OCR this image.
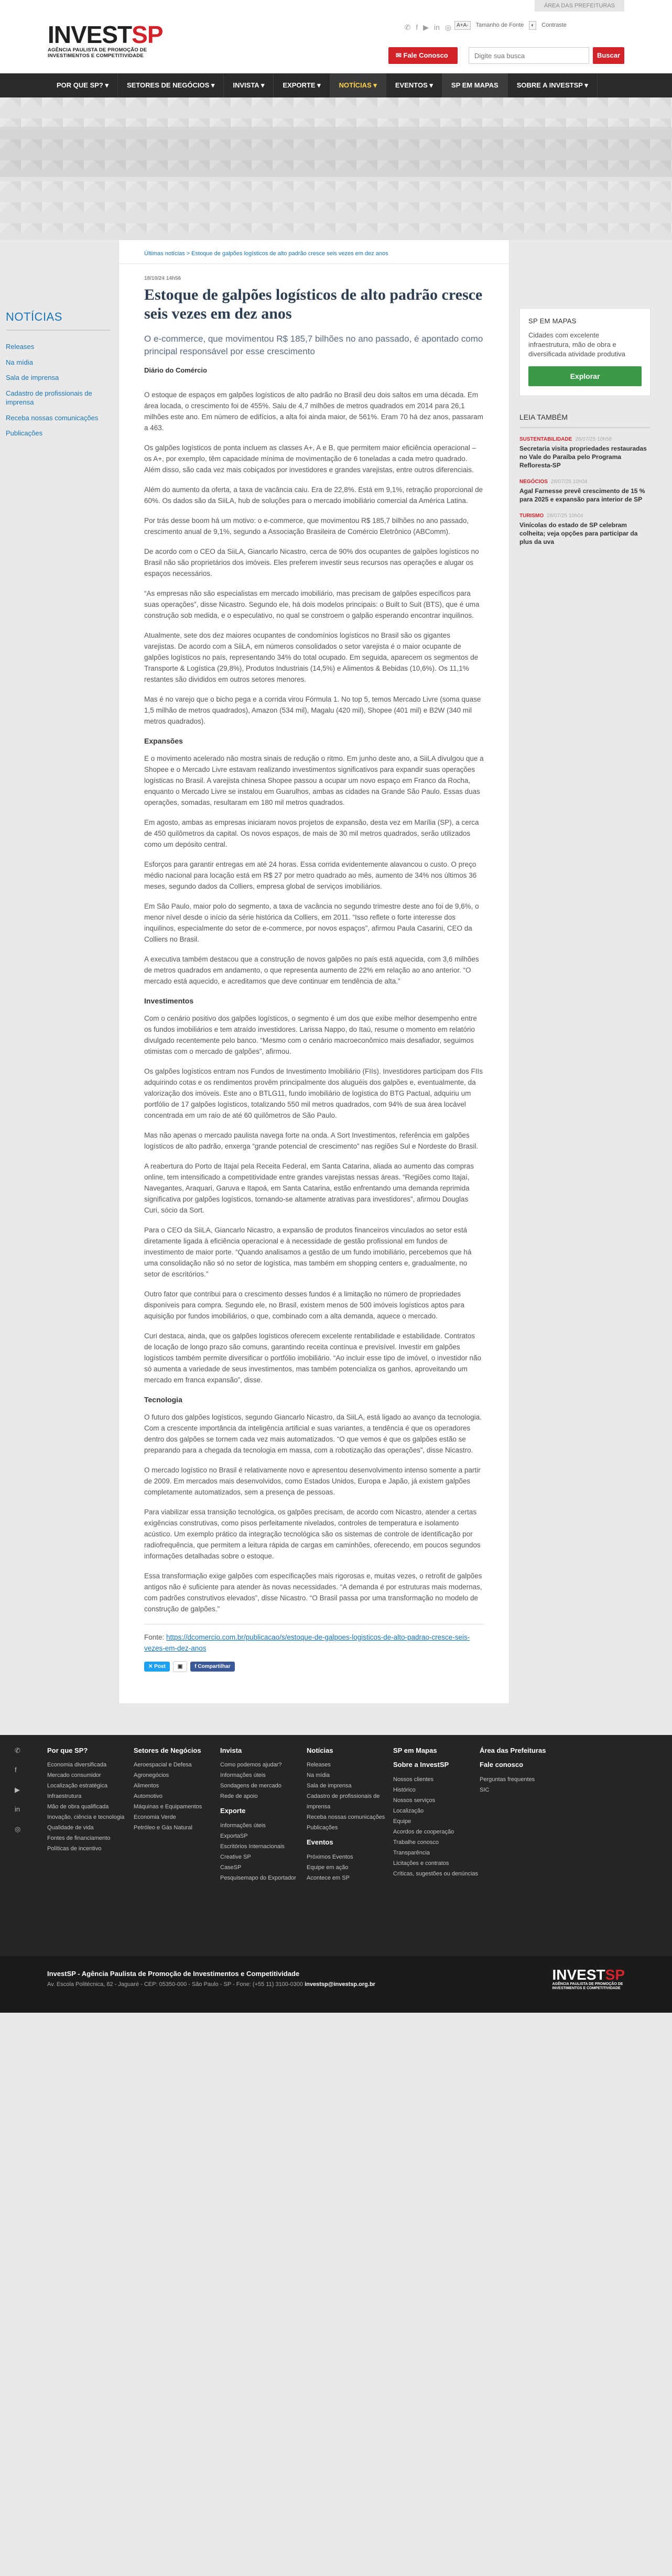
ÁREA DAS PREFEITURAS
INVESTSP
AGÊNCIA PAULISTA DE PROMOÇÃO DE
INVESTIMENTOS E COMPETITIVIDADE
✆ f ▶ in ◎	A+A-	Tamanho de Fonte	◐	Contraste
✉ Fale Conosco
Digite sua busca	Buscar
POR QUE SP? ▾	SETORES DE NEGÓCIOS ▾	INVISTA ▾	EXPORTE ▾	NOTÍCIAS ▾	EVENTOS ▾	SP EM MAPAS	SOBRE A INVESTSP ▾
NOTÍCIAS
Releases
Na mídia
Sala de imprensa
Cadastro de profissionais de imprensa
Receba nossas comunicações
Publicações
Últimas notícias > Estoque de galpões logísticos de alto padrão cresce seis vezes em dez anos
18/10/24 14h56
Estoque de galpões logísticos de alto padrão cresce seis vezes em dez anos
O e-commerce, que movimentou R$ 185,7 bilhões no ano passado, é apontado como principal responsável por esse crescimento
Diário do Comércio

O estoque de espaços em galpões logísticos de alto padrão no Brasil deu dois saltos em uma década. Em área locada, o crescimento foi de 455%. Saiu de 4,7 milhões de metros quadrados em 2014 para 26,1 milhões este ano. Em número de edifícios, a alta foi ainda maior, de 561%. Eram 70 há dez anos, passaram a 463.

Os galpões logísticos de ponta incluem as classes A+, A e B, que permitem maior eficiência operacional – os A+, por exemplo, têm capacidade mínima de movimentação de 6 toneladas a cada metro quadrado. Além disso, são cada vez mais cobiçados por investidores e grandes varejistas, entre outros diferenciais.

Além do aumento da oferta, a taxa de vacância caiu. Era de 22,8%. Está em 9,1%, retração proporcional de 60%. Os dados são da SiiLA, hub de soluções para o mercado imobiliário comercial da América Latina.

Por trás desse boom há um motivo: o e-commerce, que movimentou R$ 185,7 bilhões no ano passado, crescimento anual de 9,1%, segundo a Associação Brasileira de Comércio Eletrônico (ABComm).

De acordo com o CEO da SiiLA, Giancarlo Nicastro, cerca de 90% dos ocupantes de galpões logísticos no Brasil não são proprietários dos imóveis. Eles preferem investir seus recursos nas operações e alugar os espaços necessários.

“As empresas não são especialistas em mercado imobiliário, mas precisam de galpões específicos para suas operações”, disse Nicastro. Segundo ele, há dois modelos principais: o Built to Suit (BTS), que é uma construção sob medida, e o especulativo, no qual se constroem o galpão esperando encontrar inquilinos.

Atualmente, sete dos dez maiores ocupantes de condomínios logísticos no Brasil são os gigantes varejistas. De acordo com a SiiLA, em números consolidados o setor varejista é o maior ocupante de galpões logísticos no país, representando 34% do total ocupado. Em seguida, aparecem os segmentos de Transporte & Logística (29,8%), Produtos Industriais (14,5%) e Alimentos & Bebidas (10,6%). Os 11,1% restantes são divididos em outros setores menores.

Mas é no varejo que o bicho pega e a corrida virou Fórmula 1. No top 5, temos Mercado Livre (soma quase 1,5 milhão de metros quadrados), Amazon (534 mil), Magalu (420 mil), Shopee (401 mil) e B2W (340 mil metros quadrados).

Expansões

E o movimento acelerado não mostra sinais de redução o ritmo. Em junho deste ano, a SiiLA divulgou que a Shopee e o Mercado Livre estavam realizando investimentos significativos para expandir suas operações logísticas no Brasil. A varejista chinesa Shopee passou a ocupar um novo espaço em Franco da Rocha, enquanto o Mercado Livre se instalou em Guarulhos, ambas as cidades na Grande São Paulo. Essas duas operações, somadas, resultaram em 180 mil metros quadrados.

Em agosto, ambas as empresas iniciaram novos projetos de expansão, desta vez em Marília (SP), a cerca de 450 quilômetros da capital. Os novos espaços, de mais de 30 mil metros quadrados, serão utilizados como um depósito central.

Esforços para garantir entregas em até 24 horas. Essa corrida evidentemente alavancou o custo. O preço médio nacional para locação está em R$ 27 por metro quadrado ao mês, aumento de 34% nos últimos 36 meses, segundo dados da Colliers, empresa global de serviços imobiliários.

Em São Paulo, maior polo do segmento, a taxa de vacância no segundo trimestre deste ano foi de 9,6%, o menor nível desde o início da série histórica da Colliers, em 2011. “Isso reflete o forte interesse dos inquilinos, especialmente do setor de e-commerce, por novos espaços”, afirmou Paula Casarini, CEO da Colliers no Brasil.

A executiva também destacou que a construção de novos galpões no país está aquecida, com 3,6 milhões de metros quadrados em andamento, o que representa aumento de 22% em relação ao ano anterior. “O mercado está aquecido, e acreditamos que deve continuar em tendência de alta.”

Investimentos

Com o cenário positivo dos galpões logísticos, o segmento é um dos que exibe melhor desempenho entre os fundos imobiliários e tem atraído investidores. Larissa Nappo, do Itaú, resume o momento em relatório divulgado recentemente pelo banco. “Mesmo com o cenário macroeconômico mais desafiador, seguimos otimistas com o mercado de galpões”, afirmou.

Os galpões logísticos entram nos Fundos de Investimento Imobiliário (FIIs). Investidores participam dos FIIs adquirindo cotas e os rendimentos provêm principalmente dos aluguéis dos galpões e, eventualmente, da valorização dos imóveis. Este ano o BTLG11, fundo imobiliário de logística do BTG Pactual, adquiriu um portfólio de 17 galpões logísticos, totalizando 550 mil metros quadrados, com 94% de sua área locável concentrada em um raio de até 60 quilômetros de São Paulo.

Mas não apenas o mercado paulista navega forte na onda. A Sort Investimentos, referência em galpões logísticos de alto padrão, enxerga “grande potencial de crescimento” nas regiões Sul e Nordeste do Brasil.

A reabertura do Porto de Itajaí pela Receita Federal, em Santa Catarina, aliada ao aumento das compras online, tem intensificado a competitividade entre grandes varejistas nessas áreas. “Regiões como Itajaí, Navegantes, Araquari, Garuva e Itapoá, em Santa Catarina, estão enfrentando uma demanda reprimida significativa por galpões logísticos, tornando-se altamente atrativas para investidores”, afirmou Douglas Curi, sócio da Sort.

Para o CEO da SiiLA, Giancarlo Nicastro, a expansão de produtos financeiros vinculados ao setor está diretamente ligada à eficiência operacional e à necessidade de gestão profissional em fundos de investimento de maior porte. “Quando analisamos a gestão de um fundo imobiliário, percebemos que há uma consolidação não só no setor de logística, mas também em shopping centers e, gradualmente, no setor de escritórios.”

Outro fator que contribui para o crescimento desses fundos é a limitação no número de propriedades disponíveis para compra. Segundo ele, no Brasil, existem menos de 500 imóveis logísticos aptos para aquisição por fundos imobiliários, o que, combinado com a alta demanda, aquece o mercado.

Curi destaca, ainda, que os galpões logísticos oferecem excelente rentabilidade e estabilidade. Contratos de locação de longo prazo são comuns, garantindo receita contínua e previsível. Investir em galpões logísticos também permite diversificar o portfólio imobiliário. “Ao incluir esse tipo de imóvel, o investidor não só aumenta a variedade de seus investimentos, mas também potencializa os ganhos, aproveitando um mercado em franca expansão”, disse.

Tecnologia

O futuro dos galpões logísticos, segundo Giancarlo Nicastro, da SiiLA, está ligado ao avanço da tecnologia. Com a crescente importância da inteligência artificial e suas variantes, a tendência é que os operadores dentro dos galpões se tornem cada vez mais automatizados. “O que vemos é que os galpões estão se preparando para a chegada da tecnologia em massa, com a robotização das operações”, disse Nicastro.

O mercado logístico no Brasil é relativamente novo e apresentou desenvolvimento intenso somente a partir de 2009. Em mercados mais desenvolvidos, como Estados Unidos, Europa e Japão, já existem galpões completamente automatizados, sem a presença de pessoas.

Para viabilizar essa transição tecnológica, os galpões precisam, de acordo com Nicastro, atender a certas exigências construtivas, como pisos perfeitamente nivelados, controles de temperatura e isolamento acústico. Um exemplo prático da integração tecnológica são os sistemas de controle de identificação por radiofrequência, que permitem a leitura rápida de cargas em caminhões, oferecendo, em poucos segundos informações detalhadas sobre o estoque.

Essa transformação exige galpões com especificações mais rigorosas e, muitas vezes, o retrofit de galpões antigos não é suficiente para atender às novas necessidades. “A demanda é por estruturas mais modernas, com padrões construtivos elevados”, disse Nicastro. “O Brasil passa por uma transformação no modelo de construção de galpões.”

Fonte: https://dcomercio.com.br/publicacao/s/estoque-de-galpoes-logisticos-de-alto-padrao-cresce-seis-vezes-em-dez-anos
✕ Post	▣	f Compartilhar
SP EM MAPAS

Cidades com excelente infraestrutura, mão de obra e diversificada atividade produtiva

Explorar
LEIA TAMBÉM
SUSTENTABILIDADE 28/07/25 10h58
Secretaria visita propriedades restauradas no Vale do Paraíba pelo Programa Refloresta-SP
NEGÓCIOS 28/07/25 10h04
Agal Farnesse prevê crescimento de 15 % para 2025 e expansão para interior de SP
TURISMO 28/07/25 10h04
Vinícolas do estado de SP celebram colheita; veja opções para participar da plus da uva
✆
f
▶
in
◎
Por que SP?
Economia diversificada
Mercado consumidor
Localização estratégica
Infraestrutura
Mão de obra qualificada
Inovação, ciência e tecnologia
Qualidade de vida
Fontes de financiamento
Políticas de incentivo
Setores de Negócios
Aeroespacial e Defesa
Agronegócios
Alimentos
Automotivo
Máquinas e Equipamentos
Economia Verde
Petróleo e Gás Natural
Invista
Como podemos ajudar?
Informações úteis
Sondagens de mercado
Rede de apoio
Exporte
Informações úteis
ExportaSP
Escritórios Internacionais
Creative SP
CaseSP
Pesquisemapo do Exportador
Notícias
Releases
Na mídia
Sala de imprensa
Cadastro de profissionais de imprensa
Receba nossas comunicações
Publicações
Eventos
Próximos Eventos
Equipe em ação
Acontece em SP
SP em Mapas
Sobre a InvestSP
Nossos clientes
Histórico
Nossos serviços
Localização
Equipe
Acordos de cooperação
Trabalhe conosco
Transparência
Licitações e contratos
Críticas, sugestões ou denúncias
Área das Prefeituras
Fale conosco
Perguntas frequentes
SIC
InvestSP - Agência Paulista de Promoção de Investimentos e Competitividade
Av. Escola Politécnica, 82 - Jaguaré - CEP: 05350-000 - São Paulo - SP - Fone: (+55 11) 3100-0300 investsp@investsp.org.br
INVESTSP
AGÊNCIA PAULISTA DE PROMOÇÃO DE
INVESTIMENTOS E COMPETITIVIDADE
